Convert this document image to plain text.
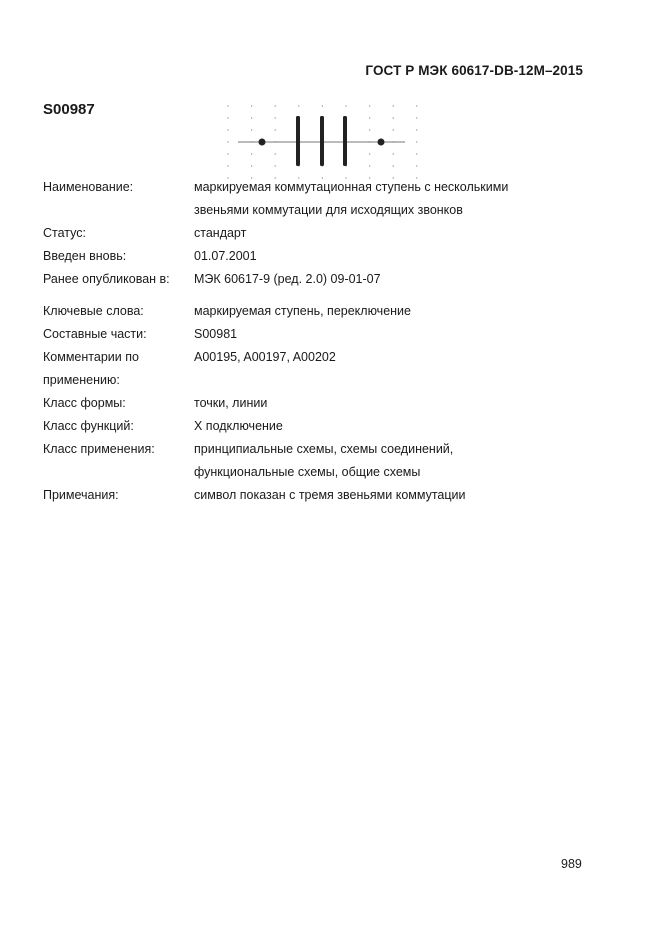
ГОСТ Р МЭК 60617-DB-12M–2015
S00987
Наименование:	маркируемая коммутационная ступень с несколькими
звеньями коммутации для исходящих звонков
Статус:	стандарт
Введен вновь:	01.07.2001
Ранее опубликован в:	МЭК 60617-9 (ред. 2.0) 09-01-07
Ключевые слова:	маркируемая ступень, переключение
Составные части:	S00981
Комментарии по
применению:
A00195, A00197, A00202
Класс формы:	точки, линии
Класс функций:	X подключение
Класс применения:	принципиальные схемы, схемы соединений,
функциональные схемы, общие схемы
Примечания:	символ показан с тремя звеньями коммутации
989
